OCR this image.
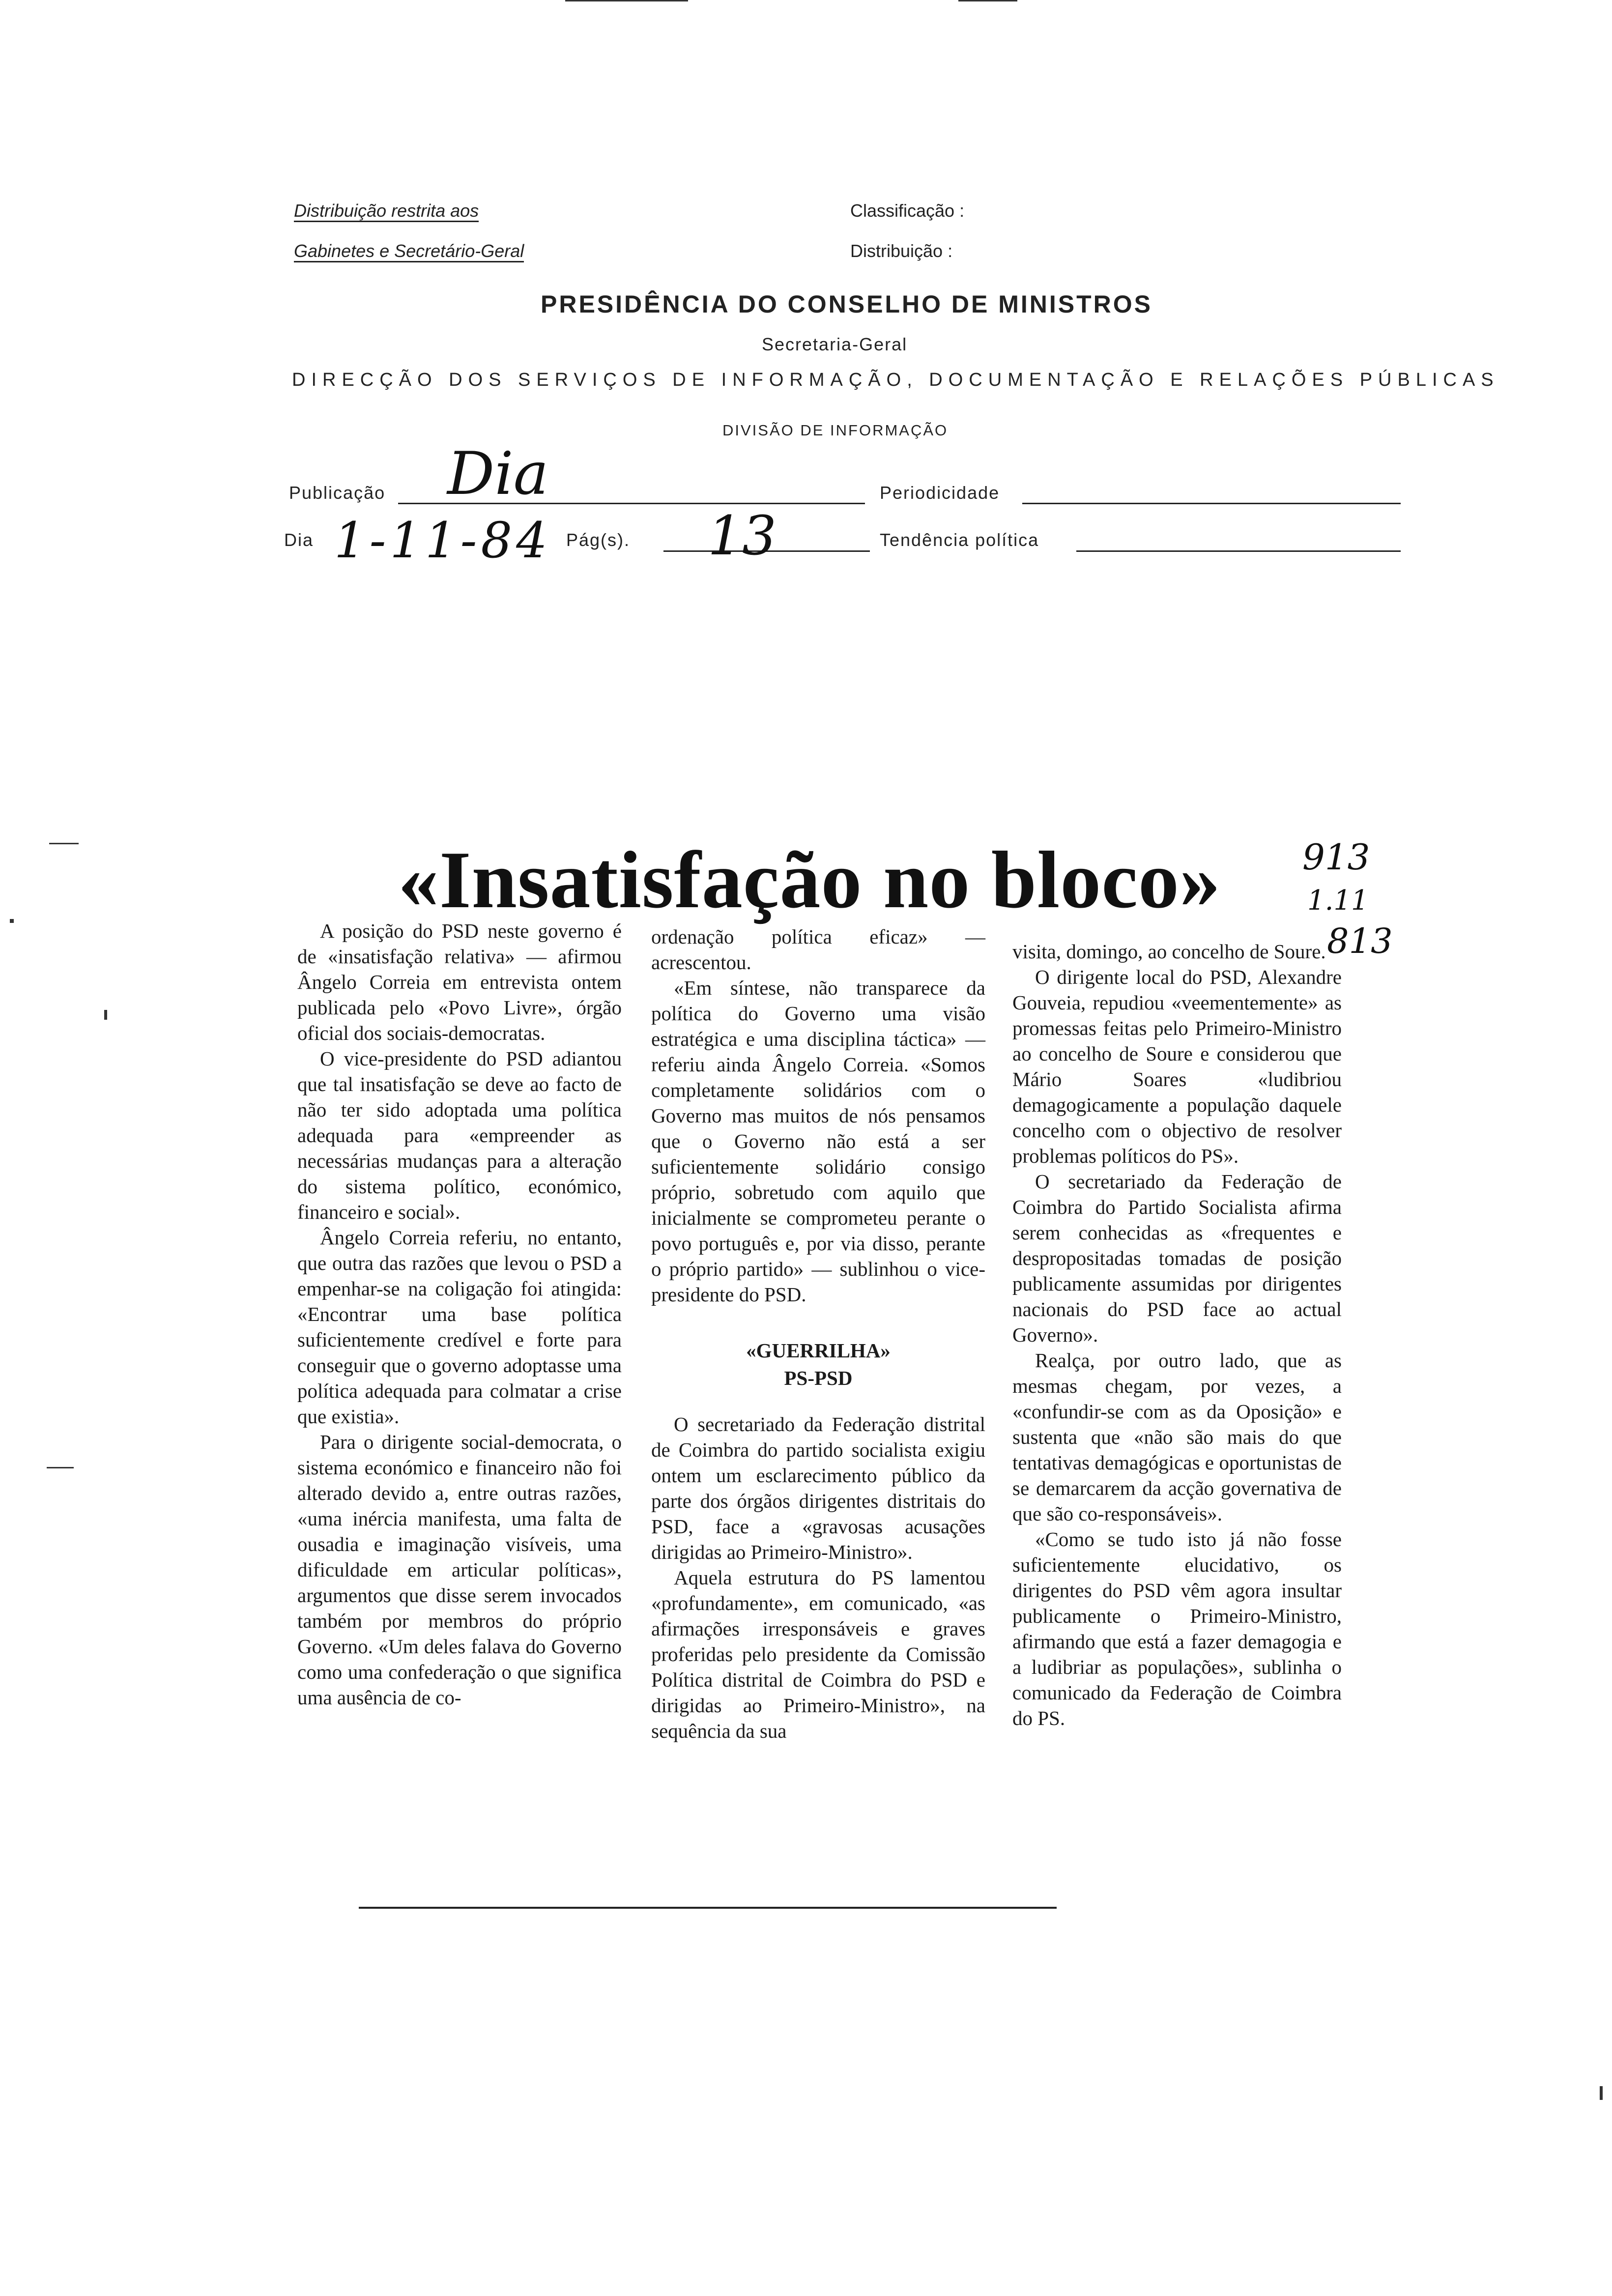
Distribuição restrita aos
Gabinetes e Secretário-Geral
Classificação :
Distribuição :
PRESIDÊNCIA DO CONSELHO DE MINISTROS
Secretaria-Geral
DIRECÇÃO DOS SERVIÇOS DE INFORMAÇÃO, DOCUMENTAÇÃO E RELAÇÕES PÚBLICAS
DIVISÃO DE INFORMAÇÃO
Publicação Dia	Periodicidade
Dia 1-11-84 Pág(s). 13	Tendência política
«Insatisfação no bloco» 913
1.11
813

A posição do PSD neste governo é de «insatisfação relativa» — afirmou Ângelo Correia em entrevista ontem publicada pelo «Povo Livre», órgão oficial dos sociais-democratas.

O vice-presidente do PSD adiantou que tal insatisfação se deve ao facto de não ter sido adoptada uma política adequada para «empreender as necessárias mudanças para a alteração do sistema político, económico, financeiro e social».

Ângelo Correia referiu, no entanto, que outra das razões que levou o PSD a empenhar-se na coligação foi atingida: «Encontrar uma base política suficientemente credível e forte para conseguir que o governo adoptasse uma política adequada para colmatar a crise que existia».

Para o dirigente social-democrata, o sistema económico e financeiro não foi alterado devido a, entre outras razões, «uma inércia manifesta, uma falta de ousadia e imaginação visíveis, uma dificuldade em articular políticas», argumentos que disse serem invocados também por membros do próprio Governo. «Um deles falava do Governo como uma confederação o que significa uma ausência de co-

ordenação política eficaz» — acrescentou.

«Em síntese, não transparece da política do Governo uma visão estratégica e uma disciplina táctica» — referiu ainda Ângelo Correia. «Somos completamente solidários com o Governo mas muitos de nós pensamos que o Governo não está a ser suficientemente solidário consigo próprio, sobretudo com aquilo que inicialmente se comprometeu perante o povo português e, por via disso, perante o próprio partido» — sublinhou o vice-presidente do PSD.

«GUERRILHA»
PS-PSD

O secretariado da Federação distrital de Coimbra do partido socialista exigiu ontem um esclarecimento público da parte dos órgãos dirigentes distritais do PSD, face a «gravosas acusações dirigidas ao Primeiro-Ministro».

Aquela estrutura do PS lamentou «profundamente», em comunicado, «as afirmações irresponsáveis e graves proferidas pelo presidente da Comissão Política distrital de Coimbra do PSD e dirigidas ao Primeiro-Ministro», na sequência da sua

visita, domingo, ao concelho de Soure.

O dirigente local do PSD, Alexandre Gouveia, repudiou «veementemente» as promessas feitas pelo Primeiro-Ministro ao concelho de Soure e considerou que Mário Soares «ludibriou demagogicamente a população daquele concelho com o objectivo de resolver problemas políticos do PS».

O secretariado da Federação de Coimbra do Partido Socialista afirma serem conhecidas as «frequentes e despropositadas tomadas de posição publicamente assumidas por dirigentes nacionais do PSD face ao actual Governo».

Realça, por outro lado, que as mesmas chegam, por vezes, a «confundir-se com as da Oposição» e sustenta que «não são mais do que tentativas demagógicas e oportunistas de se demarcarem da acção governativa de que são co-responsáveis».

«Como se tudo isto já não fosse suficientemente elucidativo, os dirigentes do PSD vêm agora insultar publicamente o Primeiro-Ministro, afirmando que está a fazer demagogia e a ludibriar as populações», sublinha o comunicado da Federação de Coimbra do PS.
